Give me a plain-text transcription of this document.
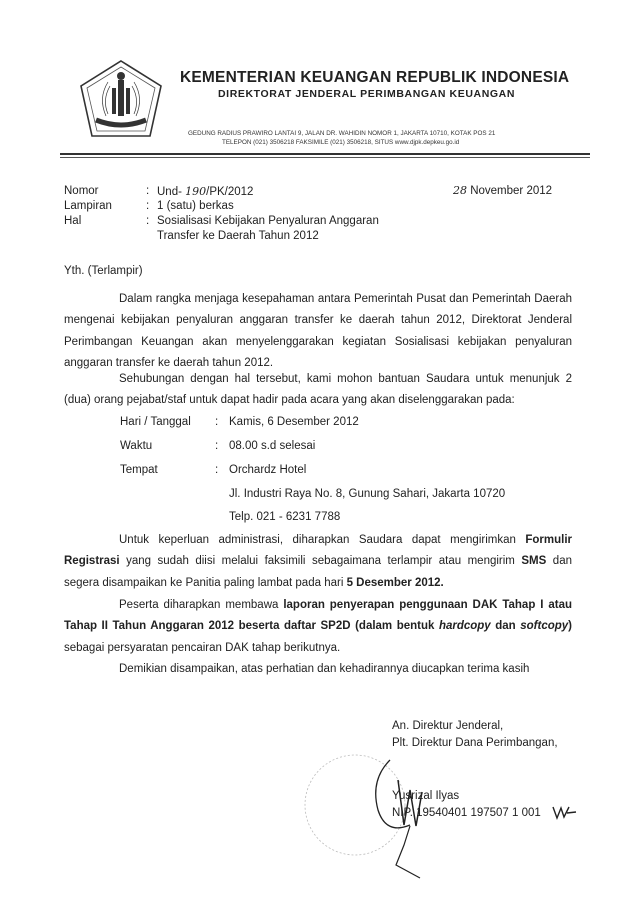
KEMENTERIAN KEUANGAN REPUBLIK INDONESIA
DIREKTORAT JENDERAL PERIMBANGAN KEUANGAN
GEDUNG RADIUS PRAWIRO LANTAI 9, JALAN DR. WAHIDIN NOMOR 1, JAKARTA 10710, KOTAK POS 21
TELEPON (021) 3506218 FAKSIMILE (021) 3506218, SITUS www.djpk.depkeu.go.id
Nomor	: Und- 190/PK/2012	28 November 2012
Lampiran	: 1 (satu) berkas
Hal	: Sosialisasi Kebijakan Penyaluran Anggaran
Transfer ke Daerah Tahun 2012
Yth. (Terlampir)
Dalam rangka menjaga kesepahaman antara Pemerintah Pusat dan Pemerintah Daerah mengenai kebijakan penyaluran anggaran transfer ke daerah tahun 2012, Direktorat Jenderal Perimbangan Keuangan akan menyelenggarakan kegiatan Sosialisasi kebijakan penyaluran anggaran transfer ke daerah tahun 2012.
Sehubungan dengan hal tersebut, kami mohon bantuan Saudara untuk menunjuk 2 (dua) orang pejabat/staf untuk dapat hadir pada acara yang akan diselenggarakan pada:
Hari / Tanggal : Kamis, 6 Desember 2012
Waktu	: 08.00 s.d selesai
Tempat	: Orchardz Hotel
Jl. Industri Raya No. 8, Gunung Sahari, Jakarta 10720
Telp. 021 - 6231 7788
Untuk keperluan administrasi, diharapkan Saudara dapat mengirimkan Formulir Registrasi yang sudah diisi melalui faksimili sebagaimana terlampir atau mengirim SMS dan segera disampaikan ke Panitia paling lambat pada hari 5 Desember 2012.
Peserta diharapkan membawa laporan penyerapan penggunaan DAK Tahap I atau Tahap II Tahun Anggaran 2012 beserta daftar SP2D (dalam bentuk hardcopy dan softcopy) sebagai persyaratan pencairan DAK tahap berikutnya.
Demikian disampaikan, atas perhatian dan kehadirannya diucapkan terima kasih
An. Direktur Jenderal,
Plt. Direktur Dana Perimbangan,
Yusrizal Ilyas
NIP. 19540401 197507 1 001
